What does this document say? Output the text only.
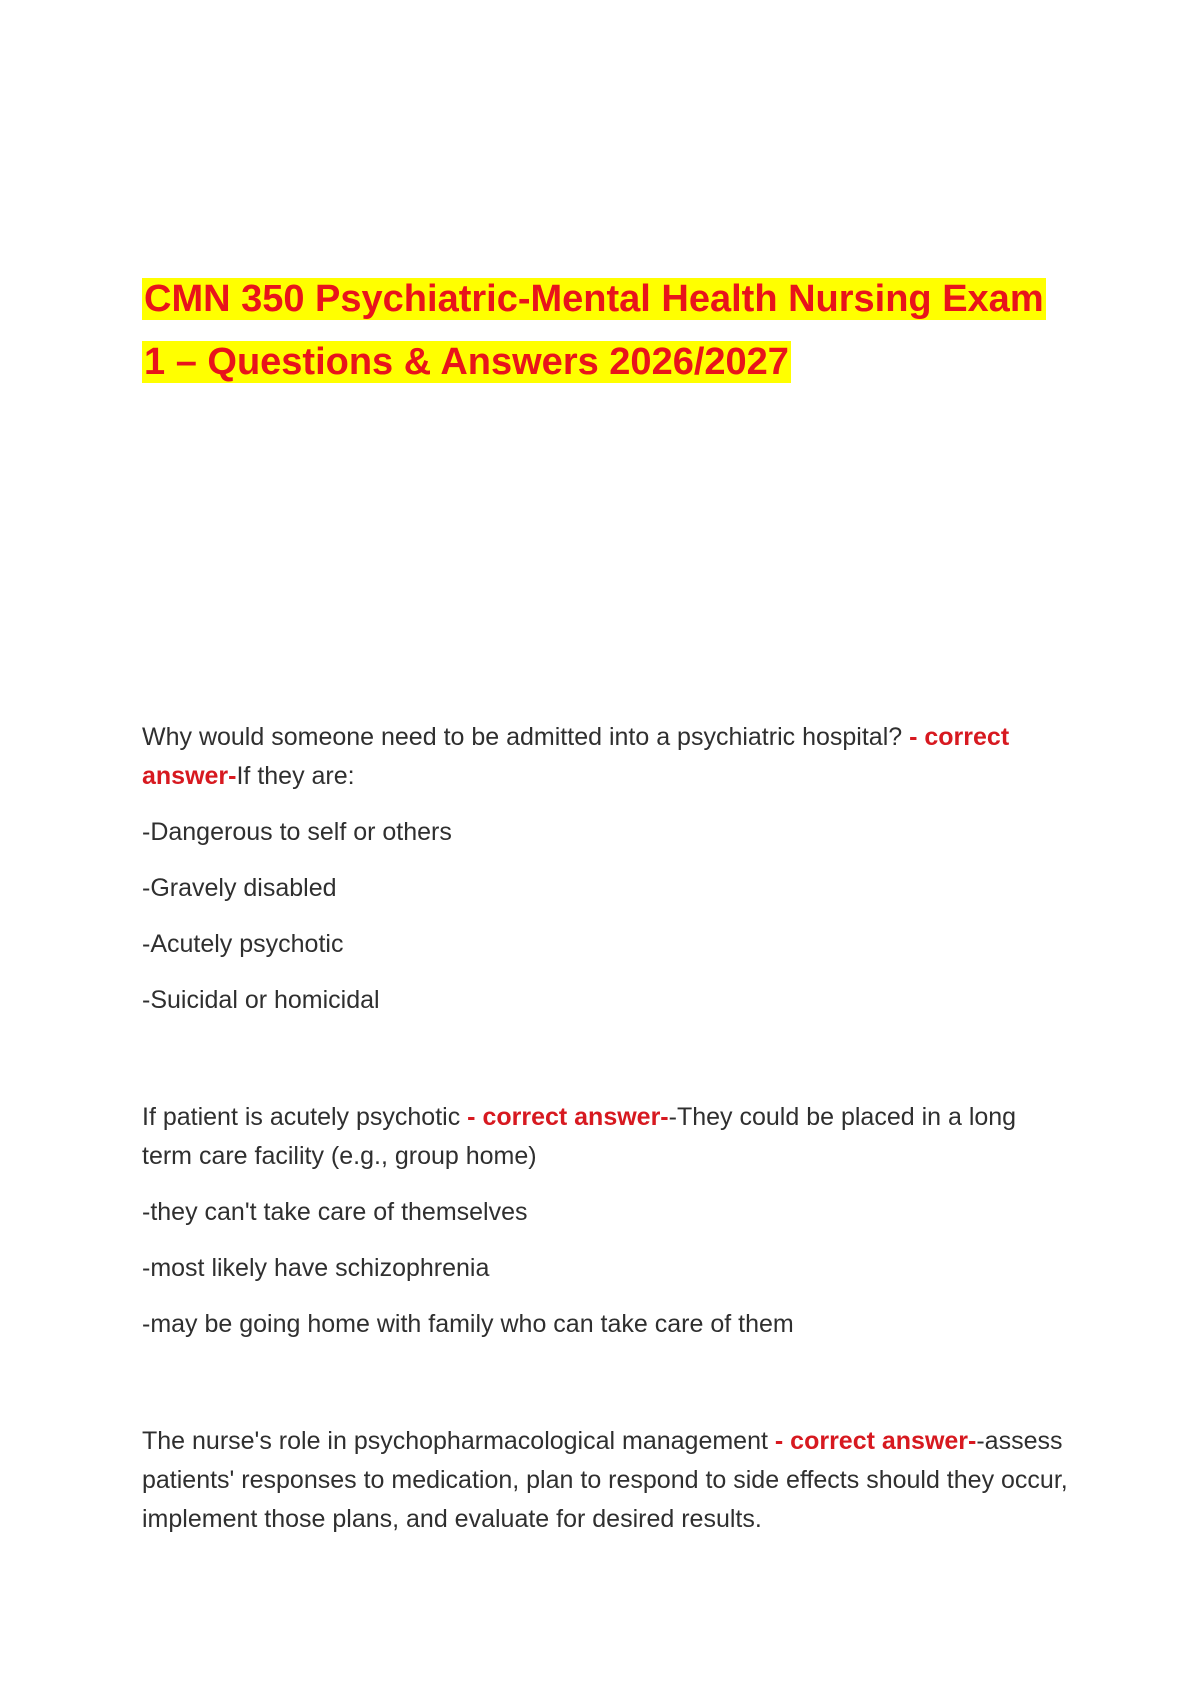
CMN 350 Psychiatric-Mental Health Nursing Exam
1 – Questions & Answers 2026/2027

Why would someone need to be admitted into a psychiatric hospital? - correct answer-If they are:

-Dangerous to self or others

-Gravely disabled

-Acutely psychotic

-Suicidal or homicidal

If patient is acutely psychotic - correct answer--They could be placed in a long term care facility (e.g., group home)

-they can't take care of themselves

-most likely have schizophrenia

-may be going home with family who can take care of them

The nurse's role in psychopharmacological management - correct answer--assess patients' responses to medication, plan to respond to side effects should they occur, implement those plans, and evaluate for desired results.
